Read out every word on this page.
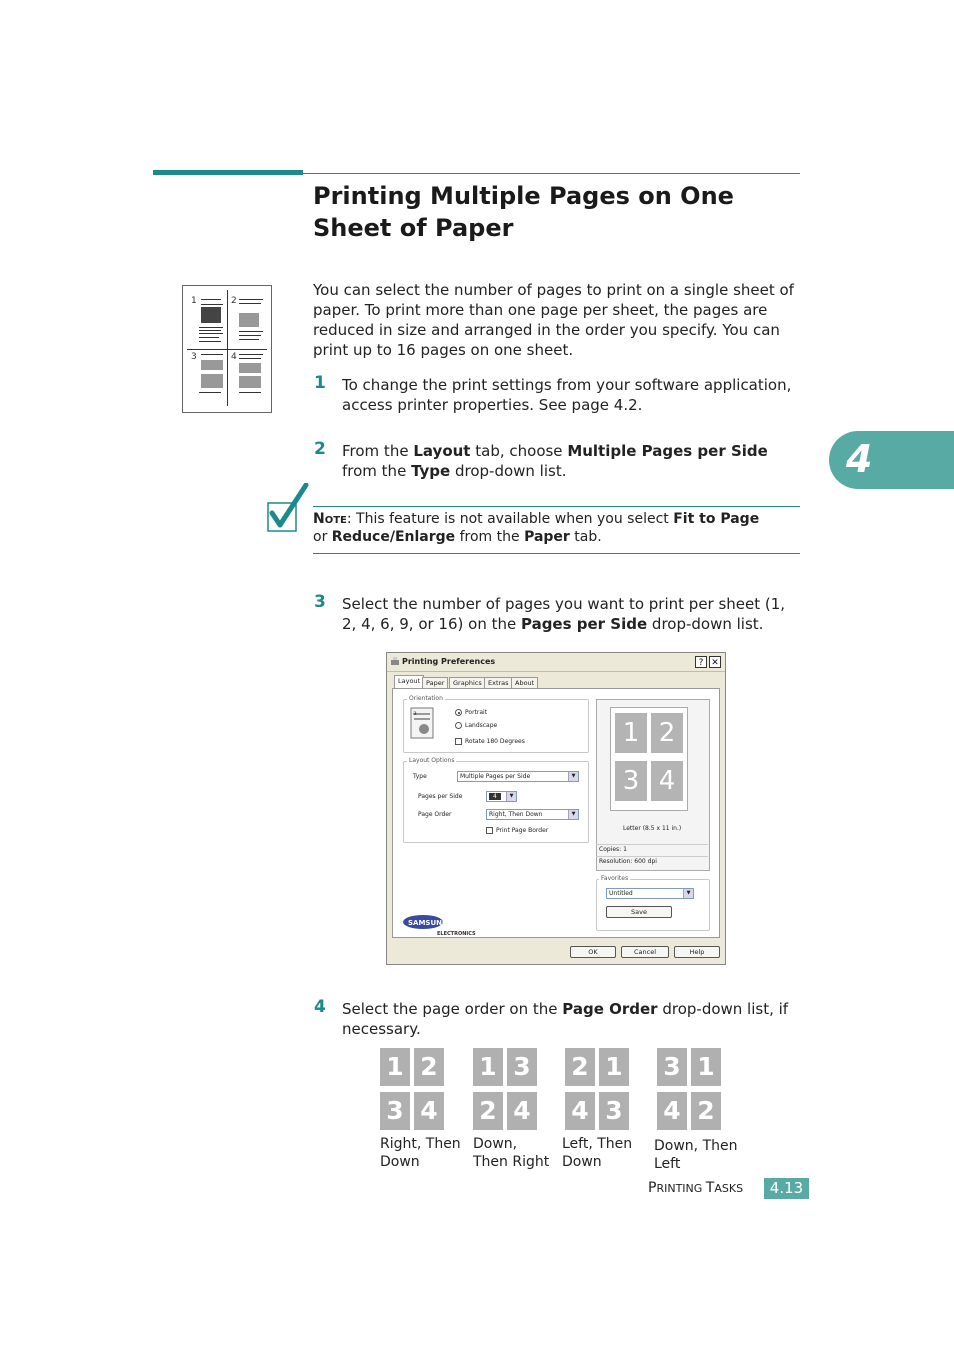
Printing Multiple Pages on One
Sheet of Paper
4
1	2
3	4
You can select the number of pages to print on a single sheet of
paper. To print more than one page per sheet, the pages are
reduced in size and arranged in the order you specify. You can
print up to 16 pages on one sheet.
1 To change the print settings from your software application,
access printer properties. See page 4.2.
2 From the Layout tab, choose Multiple Pages per Side
from the Type drop-down list.
Note: This feature is not available when you select Fit to Page
or Reduce/Enlarge from the Paper tab.
3 Select the number of pages you want to print per sheet (1,
2, 4, 6, 9, or 16) on the Pages per Side drop-down list.
Printing Preferences	? ✕
Layout Paper	Graphics Extras About
Orientation
a	Portrait
Landscape
Rotate 180 Degrees
Layout Options
Type	Multiple Pages per Side	▼
Pages per Side	4	▼
Page Order	Right, Then Down	▼
Print Page Border
1 2
3 4
Letter (8.5 x 11 in.)
Copies: 1
Resolution: 600 dpi
Favorites
Untitled	▼
Save
SAMSUNG
ELECTRONICS
OK	Cancel	Help
4 Select the page order on the Page Order drop-down list, if
necessary.
1 2
3 4
Right, Then
Down
1 3
2 4
Down,
Then Right
2 1
4 3
Left, Then
Down
3 1
4 2
Down, Then
Left
PRINTING TASKS	4.13
